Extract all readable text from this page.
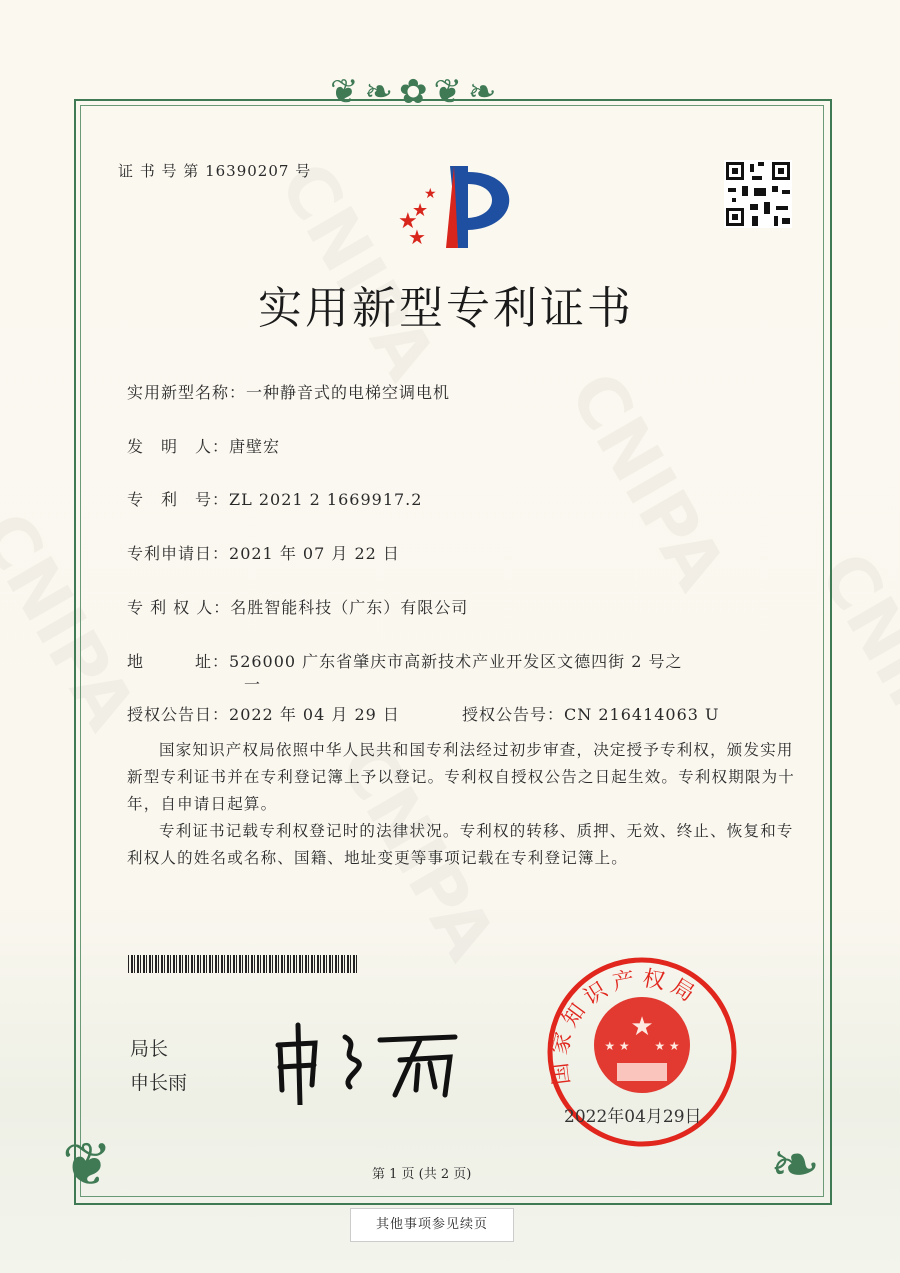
❦❧✿❦❧
❦	❧
证 书 号 第 16390207 号
★
★
★
★
实用新型专利证书
实用新型名称：一种静音式的电梯空调电机
发　明　人：唐壁宏
专　利　号：ZL 2021 2 1669917.2
专利申请日：2021 年 07 月 22 日
专 利 权 人：名胜智能科技（广东）有限公司
地　　　址：526000 广东省肇庆市高新技术产业开发区文德四街 2 号之
一
授权公告日：2022 年 04 月 29 日	授权公告号：CN 216414063 U
国家知识产权局依照中华人民共和国专利法经过初步审查，决定授予专利权，颁发实用新型专利证书并在专利登记簿上予以登记。专利权自授权公告之日起生效。专利权期限为十年，自申请日起算。
专利证书记载专利权登记时的法律状况。专利权的转移、质押、无效、终止、恢复和专利权人的姓名或名称、国籍、地址变更等事项记载在专利登记簿上。
局长
申长雨
★
★ ★ ★ ★
国家知识产权局
2022年04月29日
第 1 页 (共 2 页)
其他事项参见续页
